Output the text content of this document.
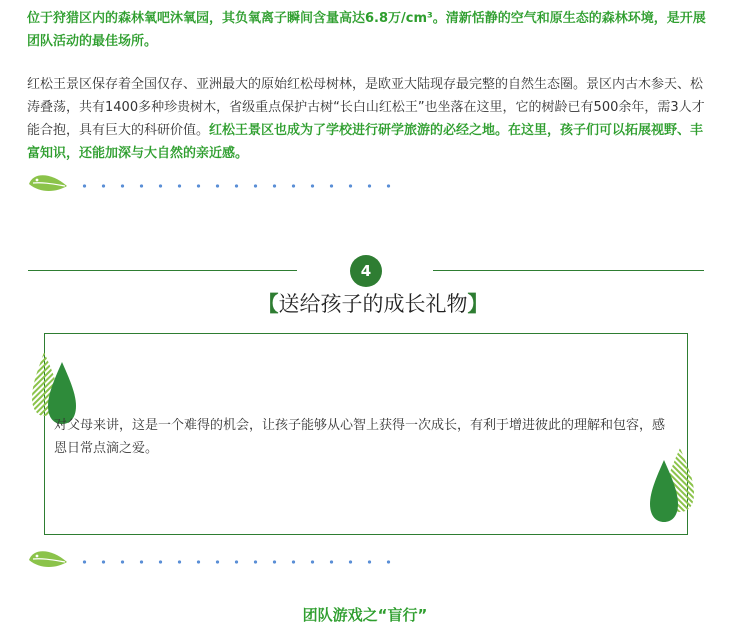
位于狩猎区内的森林氧吧沐氧园，其负氧离子瞬间含量高达6.8万/cm³。清新恬静的空气和原生态的森林环境，是开展团队活动的最佳场所。

红松王景区保存着全国仅存、亚洲最大的原始红松母树林，是欧亚大陆现存最完整的自然生态圈。景区内古木参天、松涛叠荡，共有1400多种珍贵树木，省级重点保护古树“长白山红松王”也坐落在这里，它的树龄已有500余年，需3人才能合抱，具有巨大的科研价值。红松王景区也成为了学校进行研学旅游的必经之地。在这里，孩子们可以拓展视野、丰富知识，还能加深与大自然的亲近感。

4
【送给孩子的成长礼物】
对父母来讲，这是一个难得的机会，让孩子能够从心智上获得一次成长，有利于增进彼此的理解和包容，感恩日常点滴之爱。
团队游戏之“盲行”
